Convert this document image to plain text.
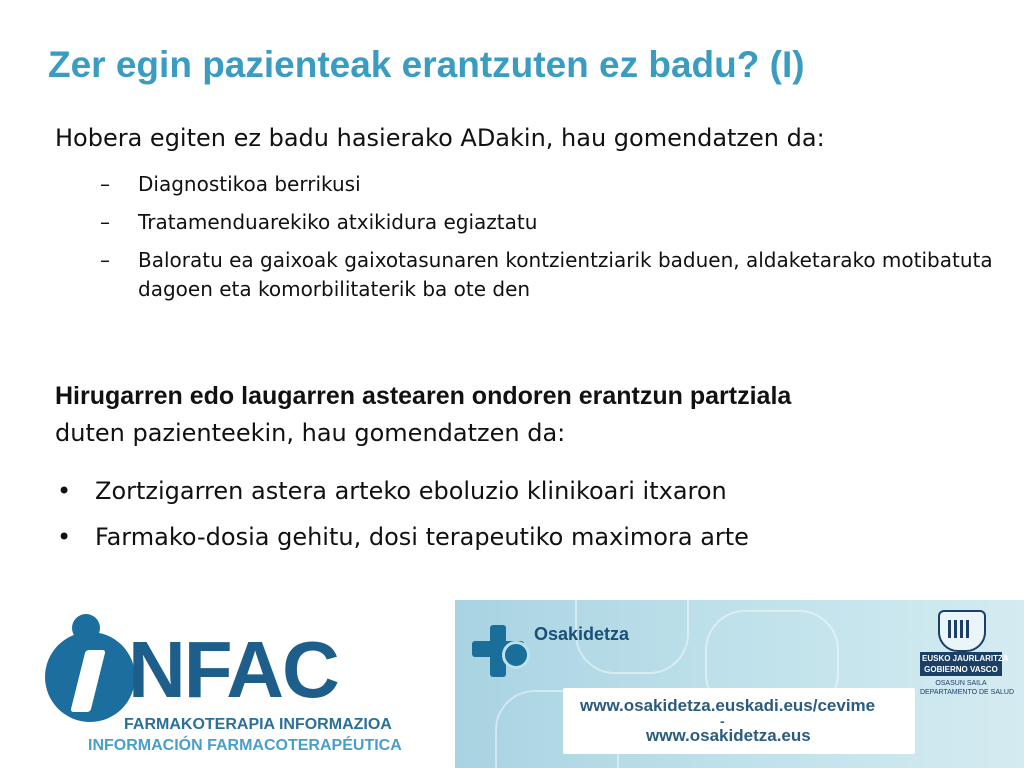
Zer egin pazienteak erantzuten ez badu? (I)
Hobera egiten ez badu hasierako ADakin, hau gomendatzen da:
– Diagnostikoa berrikusi
– Tratamenduarekiko atxikidura egiaztatu
– Baloratu ea gaixoak gaixotasunaren kontzientziarik baduen, aldaketarako motibatuta dagoen eta komorbilitaterik ba ote den
Hirugarren edo laugarren astearen ondoren erantzun partziala
duten pazienteekin, hau gomendatzen da:
• Zortzigarren astera arteko eboluzio klinikoari itxaron
• Farmako-dosia gehitu, dosi terapeutiko maximora arte
NFAC
FARMAKOTERAPIA INFORMAZIOA
INFORMACIÓN FARMACOTERAPÉUTICA
Osakidetza
www.osakidetza.euskadi.eus/cevime
-
www.osakidetza.eus
EUSKO JAURLARITZA
GOBIERNO VASCO
OSASUN SAILA
DEPARTAMENTO DE SALUD
